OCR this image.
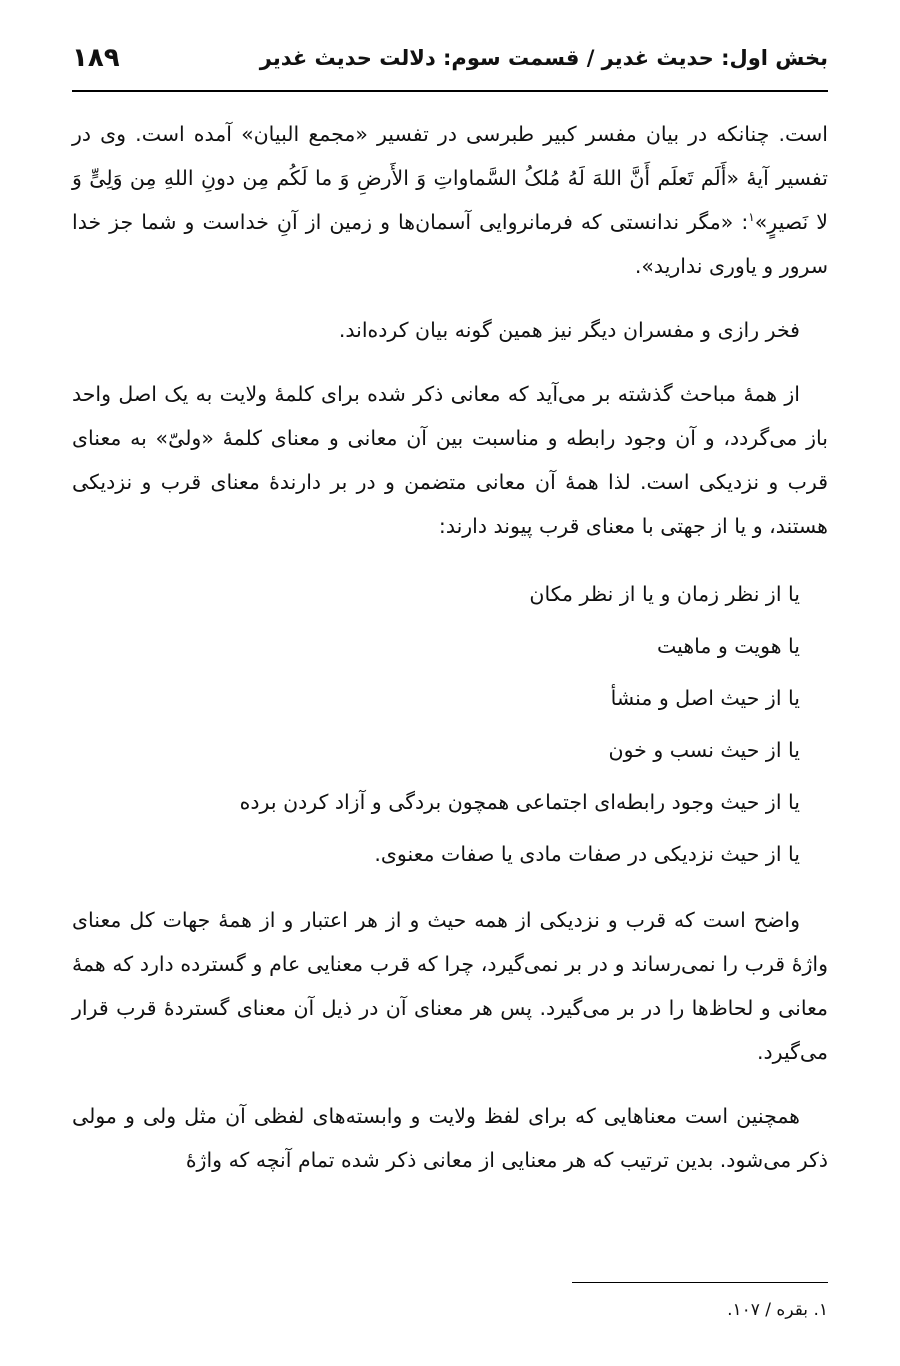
بخش اول: حدیث غدیر / قسمت سوم: دلالت حدیث غدیر
۱۸۹

است. چنانکه در بیان مفسر کبیر طبرسی در تفسیر «مجمع البیان» آمده است. وی در تفسیر آیهٔ «أَلَم تَعلَم أَنَّ اللهَ لَهُ مُلکُ السَّماواتِ وَ الأَرضِ وَ ما لَکُم مِن دونِ اللهِ مِن وَلِیٍّ وَ لا نَصیرٍ»$^۱$: «مگر ندانستی که فرمانروایی آسمان‌ها و زمین از آنِ خداست و شما جز خدا سرور و یاوری ندارید».

فخر رازی و مفسران دیگر نیز همین گونه بیان کرده‌اند.

از همهٔ مباحث گذشته بر می‌آید که معانی ذکر شده برای کلمهٔ ولایت به یک اصل واحد باز می‌گردد، و آن وجود رابطه و مناسبت بین آن معانی و معنای کلمهٔ «ولیّ» به معنای قرب و نزدیکی است. لذا همهٔ آن معانی متضمن و در بر دارندهٔ معنای قرب و نزدیکی هستند، و یا از جهتی با معنای قرب پیوند دارند:

یا از نظر زمان و یا از نظر مکان
یا هویت و ماهیت
یا از حیث اصل و منشأ
یا از حیث نسب و خون
یا از حیث وجود رابطه‌ای اجتماعی همچون بردگی و آزاد کردن برده
یا از حیث نزدیکی در صفات مادی یا صفات معنوی.

واضح است که قرب و نزدیکی از همه حیث و از هر اعتبار و از همهٔ جهات کل معنای واژهٔ قرب را نمی‌رساند و در بر نمی‌گیرد، چرا که قرب معنایی عام و گسترده دارد که همهٔ معانی و لحاظ‌ها را در بر می‌گیرد. پس هر معنای آن در ذیل آن معنای گستردهٔ قرب قرار می‌گیرد.

همچنین است معناهایی که برای لفظ ولایت و وابسته‌های لفظی آن مثل ولی و مولی ذکر می‌شود. بدین ترتیب که هر معنایی از معانی ذکر شده تمام آنچه که واژهٔ

۱. بقره / ۱۰۷.
